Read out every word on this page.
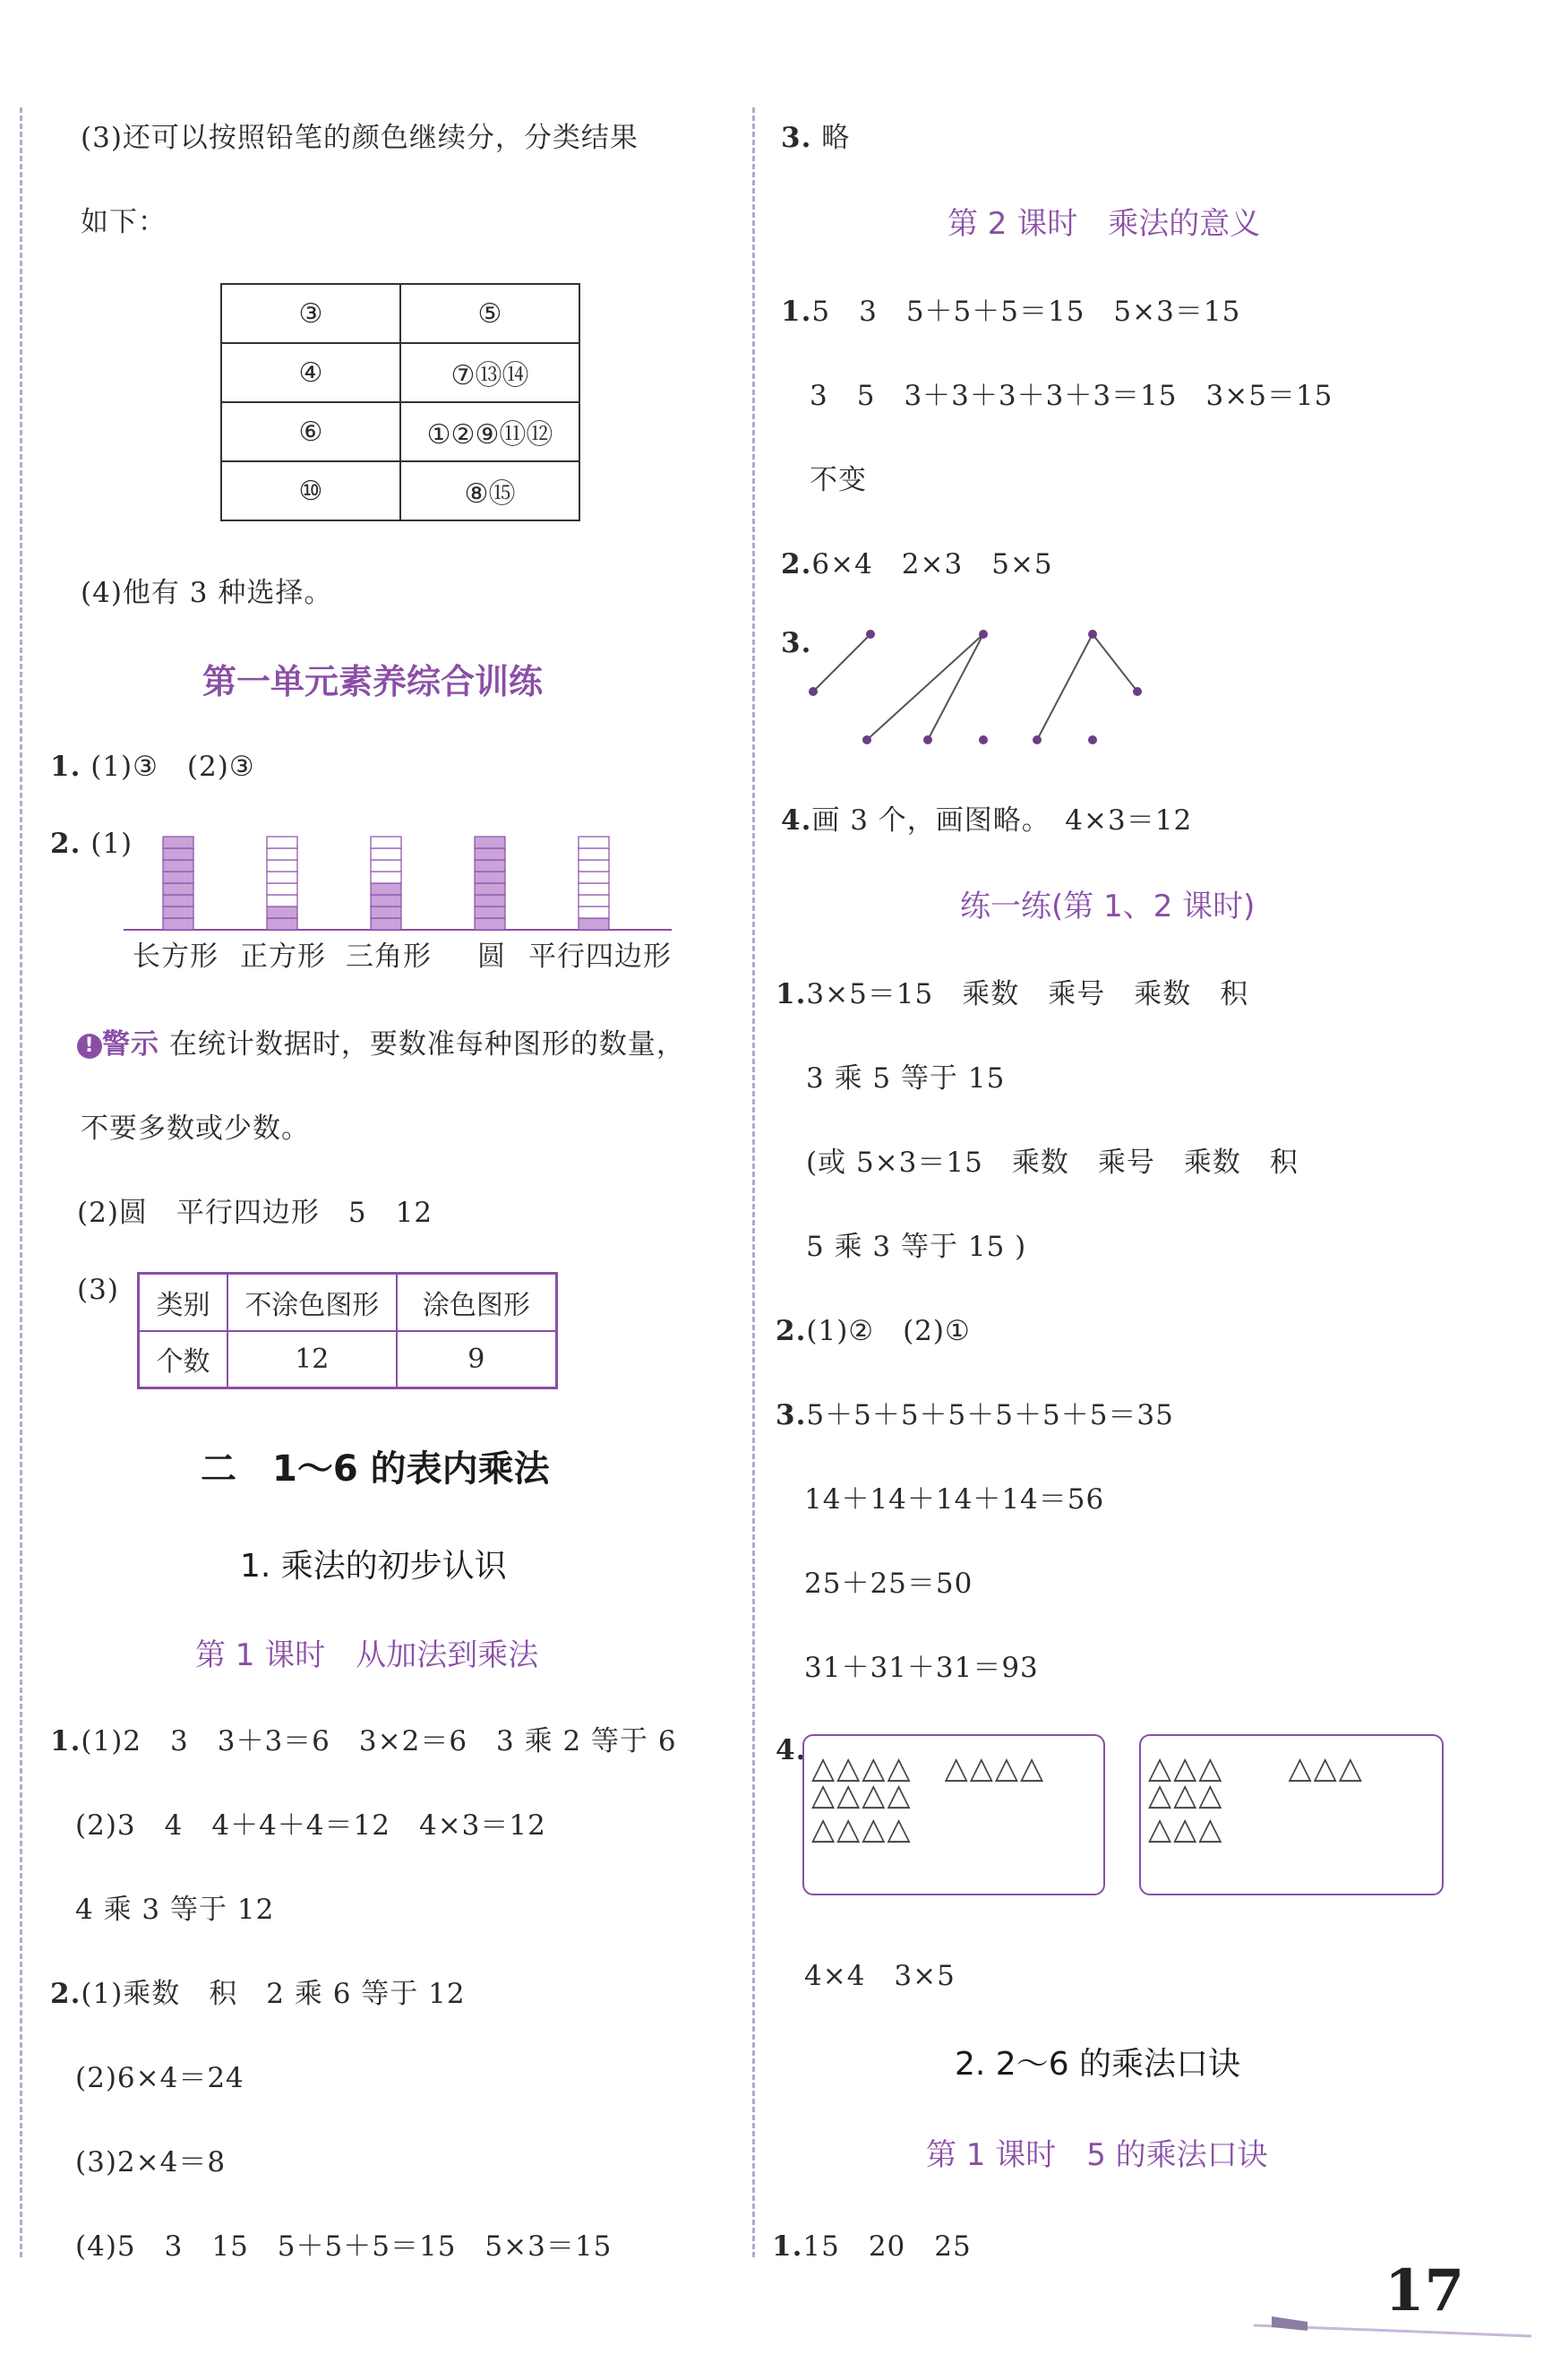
(3)还可以按照铅笔的颜色继续分，分类结果
如下：
③	⑤
④	⑦⑬⑭
⑥	①②⑨⑪⑫
⑩	⑧⑮
(4)他有 3 种选择。
第一单元素养综合训练
1. (1)③　(2)③
2. (1)
长方形 正方形 三角形 圆 平行四边形
! 警示 在统计数据时，要数准每种图形的数量，
不要多数或少数。
(2)圆　平行四边形　5　12
(3) 类别	不涂色图形	涂色图形
个数	12	9
二　1～6 的表内乘法
1. 乘法的初步认识
第 1 课时　从加法到乘法
1.(1)2　3　3＋3＝6　3×2＝6　3 乘 2 等于 6
(2)3　4　4＋4＋4＝12　4×3＝12
4 乘 3 等于 12
2.(1)乘数　积　2 乘 6 等于 12
(2)6×4＝24
(3)2×4＝8
(4)5　3　15　5＋5＋5＝15　5×3＝15
3. 略
第 2 课时　乘法的意义
1.5　3　5＋5＋5＝15　5×3＝15
3　5　3＋3＋3＋3＋3＝15　3×5＝15
不变
2.6×4　2×3　5×5
3.
4.画 3 个，画图略。　4×3＝12
练一练(第 1、2 课时)
1.3×5＝15　乘数　乘号　乘数　积
3 乘 5 等于 15
(或 5×3＝15　乘数　乘号　乘数　积
5 乘 3 等于 15 )
2.(1)②　(2)①
3.5＋5＋5＋5＋5＋5＋5＝35
14＋14＋14＋14＝56
25＋25＝50
31＋31＋31＝93
4. △△△△　△△△△
△△△△
△△△△
△△△　　△△△
△△△
△△△
4×4　3×5
2. 2～6 的乘法口诀
第 1 课时　5 的乘法口诀
1.15　20　25
17
